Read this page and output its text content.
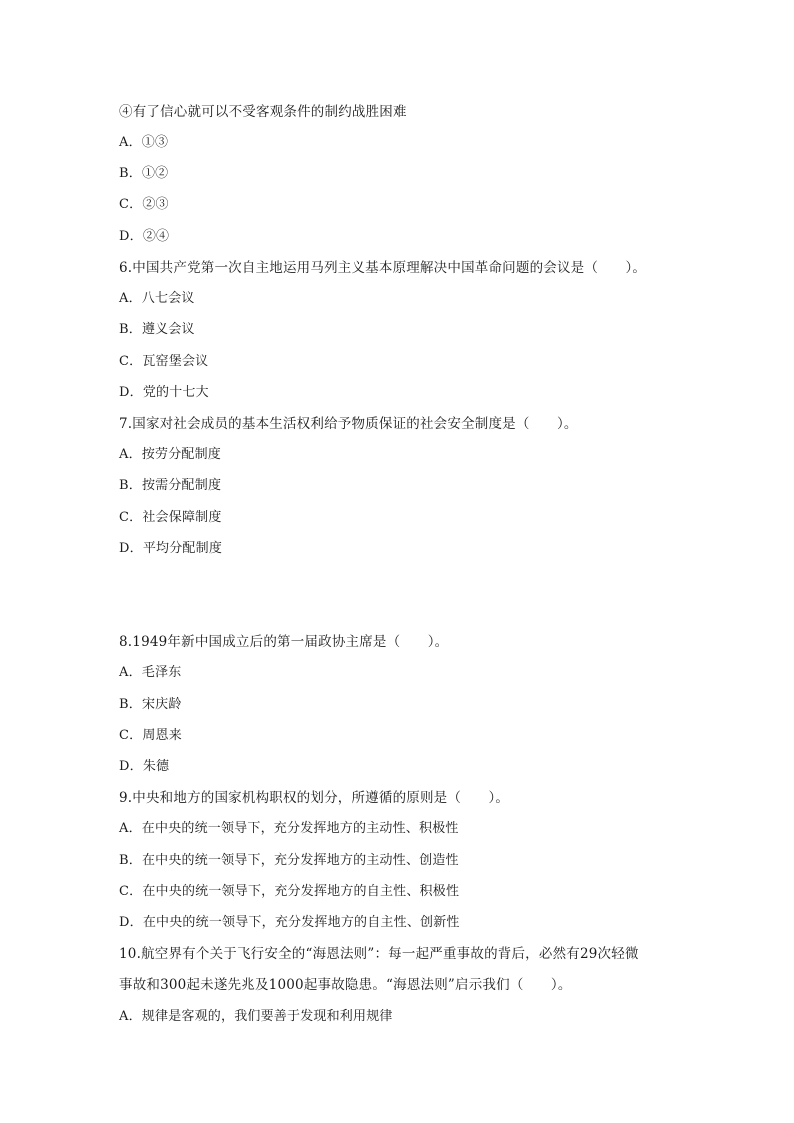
④有了信心就可以不受客观条件的制约战胜困难
A．①③
B．①②
C．②③
D．②④
6.中国共产党第一次自主地运用马列主义基本原理解决中国革命问题的会议是（　　）。
A．八七会议
B．遵义会议
C．瓦窑堡会议
D．党的十七大
7.国家对社会成员的基本生活权利给予物质保证的社会安全制度是（　　）。
A．按劳分配制度
B．按需分配制度
C．社会保障制度
D．平均分配制度
8.1949年新中国成立后的第一届政协主席是（　　）。
A．毛泽东
B．宋庆龄
C．周恩来
D．朱德
9.中央和地方的国家机构职权的划分，所遵循的原则是（　　）。
A．在中央的统一领导下，充分发挥地方的主动性、积极性
B．在中央的统一领导下，充分发挥地方的主动性、创造性
C．在中央的统一领导下，充分发挥地方的自主性、积极性
D．在中央的统一领导下，充分发挥地方的自主性、创新性
10.航空界有个关于飞行安全的“海恩法则”：每一起严重事故的背后，必然有29次轻微
事故和300起未遂先兆及1000起事故隐患。“海恩法则”启示我们（　　）。
A．规律是客观的，我们要善于发现和利用规律
